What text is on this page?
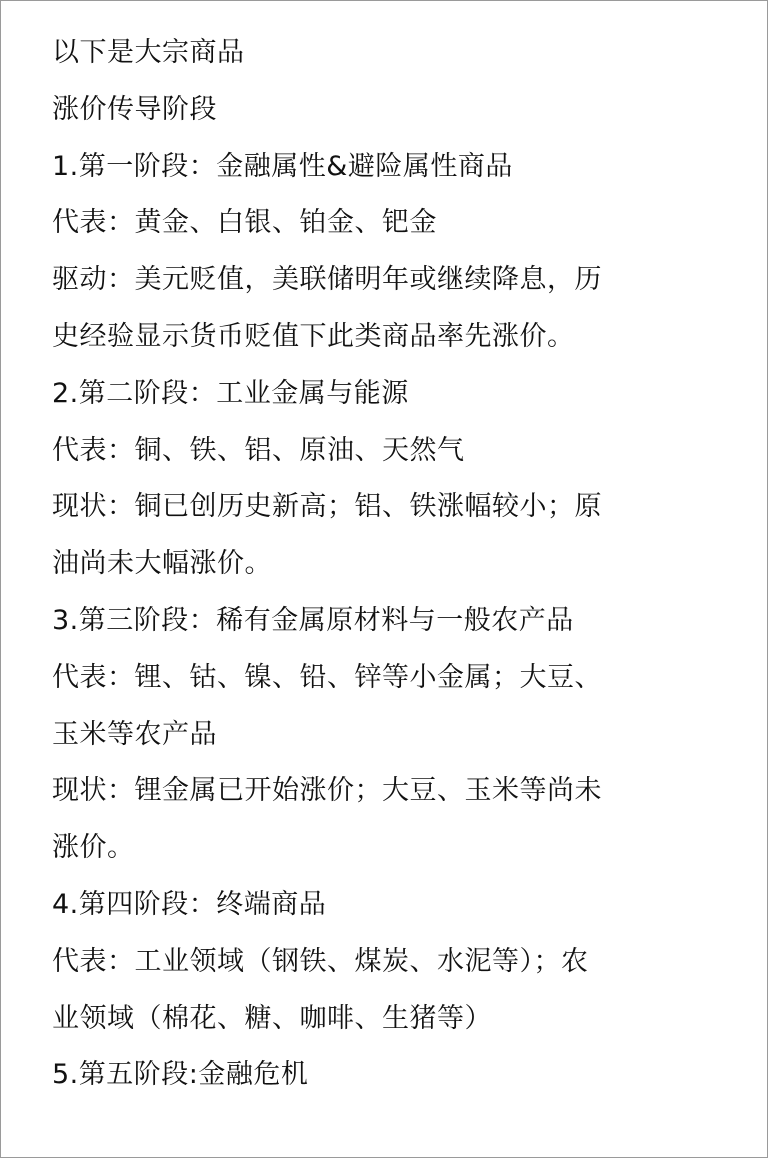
以下是大宗商品
涨价传导阶段
1.第一阶段：金融属性&避险属性商品
代表：黄金、白银、铂金、钯金
驱动：美元贬值，美联储明年或继续降息，历
史经验显示货币贬值下此类商品率先涨价。
2.第二阶段：工业金属与能源
代表：铜、铁、铝、原油、天然气
现状：铜已创历史新高；铝、铁涨幅较小；原
油尚未大幅涨价。
3.第三阶段：稀有金属原材料与一般农产品
代表：锂、钴、镍、铅、锌等小金属；大豆、
玉米等农产品
现状：锂金属已开始涨价；大豆、玉米等尚未
涨价。
4.第四阶段：终端商品
代表：工业领域（钢铁、煤炭、水泥等）；农
业领域（棉花、糖、咖啡、生猪等）
5.第五阶段:金融危机
